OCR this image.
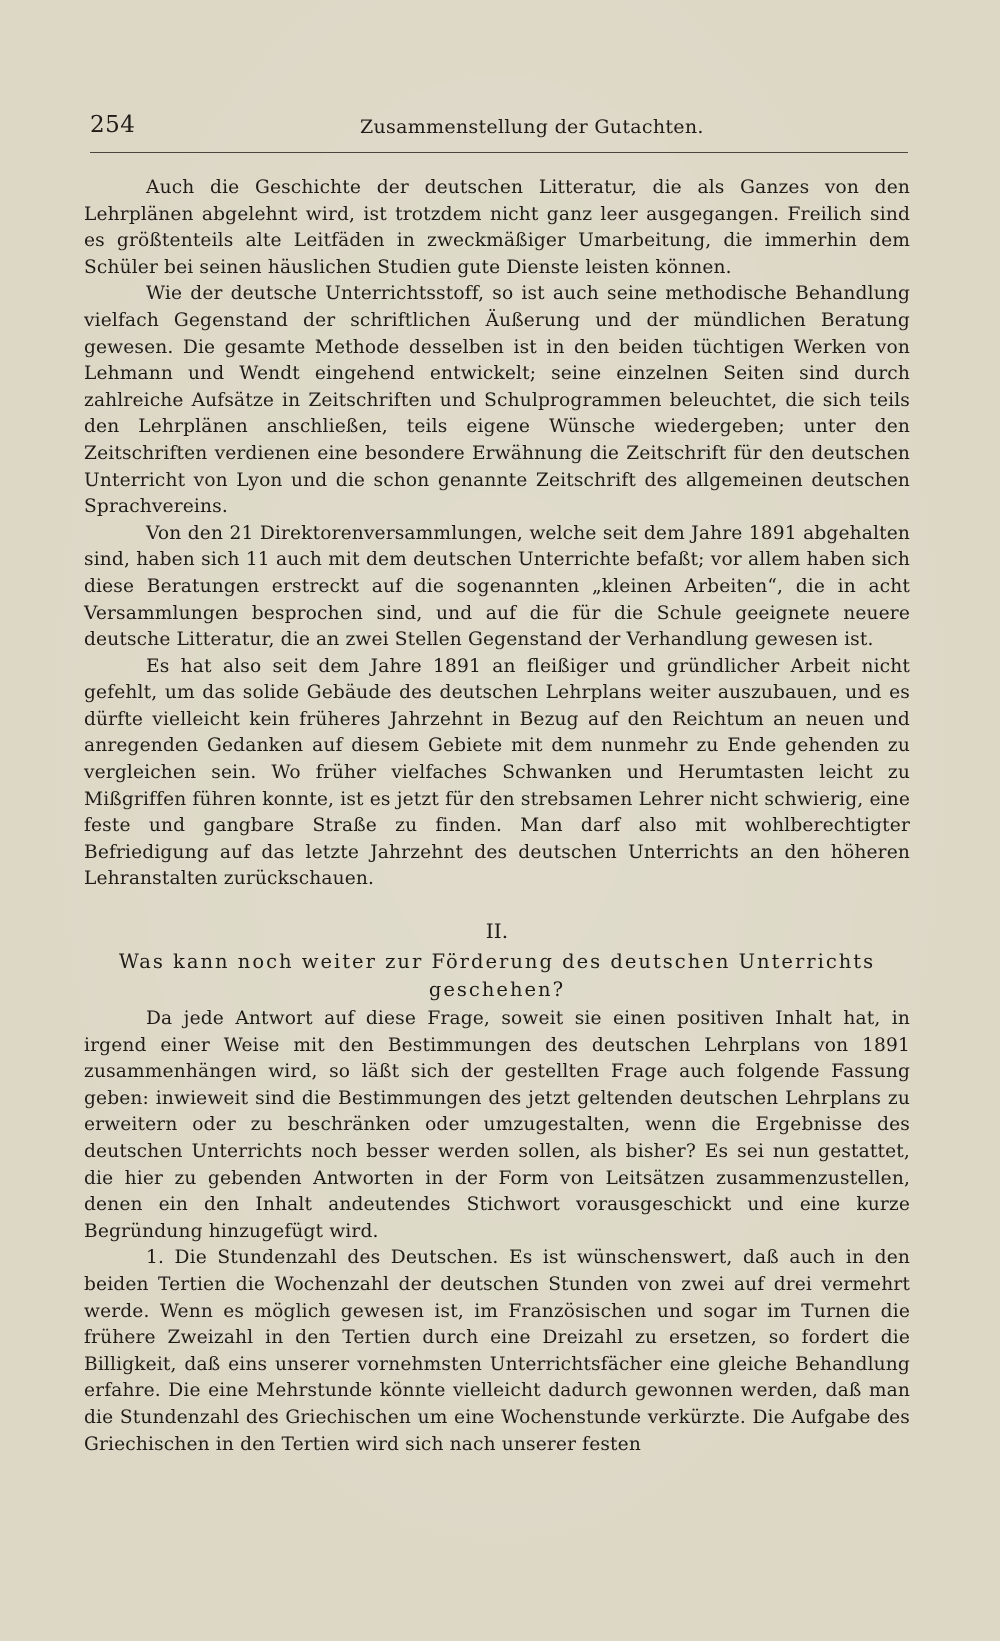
254	Zusammenstellung der Gutachten.

Auch die Geschichte der deutschen Litteratur, die als Ganzes von den Lehrplänen abgelehnt wird, ist trotzdem nicht ganz leer ausgegangen. Freilich sind es größtenteils alte Leitfäden in zweckmäßiger Umarbeitung, die immerhin dem Schüler bei seinen häuslichen Studien gute Dienste leisten können.

Wie der deutsche Unterrichtsstoff, so ist auch seine methodische Behandlung vielfach Gegenstand der schriftlichen Äußerung und der mündlichen Beratung gewesen. Die gesamte Methode desselben ist in den beiden tüchtigen Werken von Lehmann und Wendt eingehend entwickelt; seine einzelnen Seiten sind durch zahlreiche Aufsätze in Zeitschriften und Schulprogrammen beleuchtet, die sich teils den Lehrplänen anschließen, teils eigene Wünsche wiedergeben; unter den Zeitschriften verdienen eine besondere Erwähnung die Zeitschrift für den deutschen Unterricht von Lyon und die schon genannte Zeitschrift des allgemeinen deutschen Sprachvereins.

Von den 21 Direktorenversammlungen, welche seit dem Jahre 1891 abgehalten sind, haben sich 11 auch mit dem deutschen Unterrichte befaßt; vor allem haben sich diese Beratungen erstreckt auf die sogenannten „kleinen Arbeiten“, die in acht Versammlungen besprochen sind, und auf die für die Schule geeignete neuere deutsche Litteratur, die an zwei Stellen Gegenstand der Verhandlung gewesen ist.

Es hat also seit dem Jahre 1891 an fleißiger und gründlicher Arbeit nicht gefehlt, um das solide Gebäude des deutschen Lehrplans weiter auszubauen, und es dürfte vielleicht kein früheres Jahrzehnt in Bezug auf den Reichtum an neuen und anregenden Gedanken auf diesem Gebiete mit dem nunmehr zu Ende gehenden zu vergleichen sein. Wo früher vielfaches Schwanken und Herumtasten leicht zu Mißgriffen führen konnte, ist es jetzt für den strebsamen Lehrer nicht schwierig, eine feste und gangbare Straße zu finden. Man darf also mit wohlberechtigter Befriedigung auf das letzte Jahrzehnt des deutschen Unterrichts an den höheren Lehranstalten zurückschauen.

II.
Was kann noch weiter zur Förderung des deutschen Unterrichts
geschehen?

Da jede Antwort auf diese Frage, soweit sie einen positiven Inhalt hat, in irgend einer Weise mit den Bestimmungen des deutschen Lehrplans von 1891 zusammenhängen wird, so läßt sich der gestellten Frage auch folgende Fassung geben: inwieweit sind die Bestimmungen des jetzt geltenden deutschen Lehrplans zu erweitern oder zu beschränken oder umzugestalten, wenn die Ergebnisse des deutschen Unterrichts noch besser werden sollen, als bisher? Es sei nun gestattet, die hier zu gebenden Antworten in der Form von Leitsätzen zusammenzustellen, denen ein den Inhalt andeutendes Stichwort vorausgeschickt und eine kurze Begründung hinzugefügt wird.

1. Die Stundenzahl des Deutschen. Es ist wünschenswert, daß auch in den beiden Tertien die Wochenzahl der deutschen Stunden von zwei auf drei vermehrt werde. Wenn es möglich gewesen ist, im Französischen und sogar im Turnen die frühere Zweizahl in den Tertien durch eine Dreizahl zu ersetzen, so fordert die Billigkeit, daß eins unserer vornehmsten Unterrichtsfächer eine gleiche Behandlung erfahre. Die eine Mehrstunde könnte vielleicht dadurch gewonnen werden, daß man die Stundenzahl des Griechischen um eine Wochenstunde verkürzte. Die Aufgabe des Griechischen in den Tertien wird sich nach unserer festen
